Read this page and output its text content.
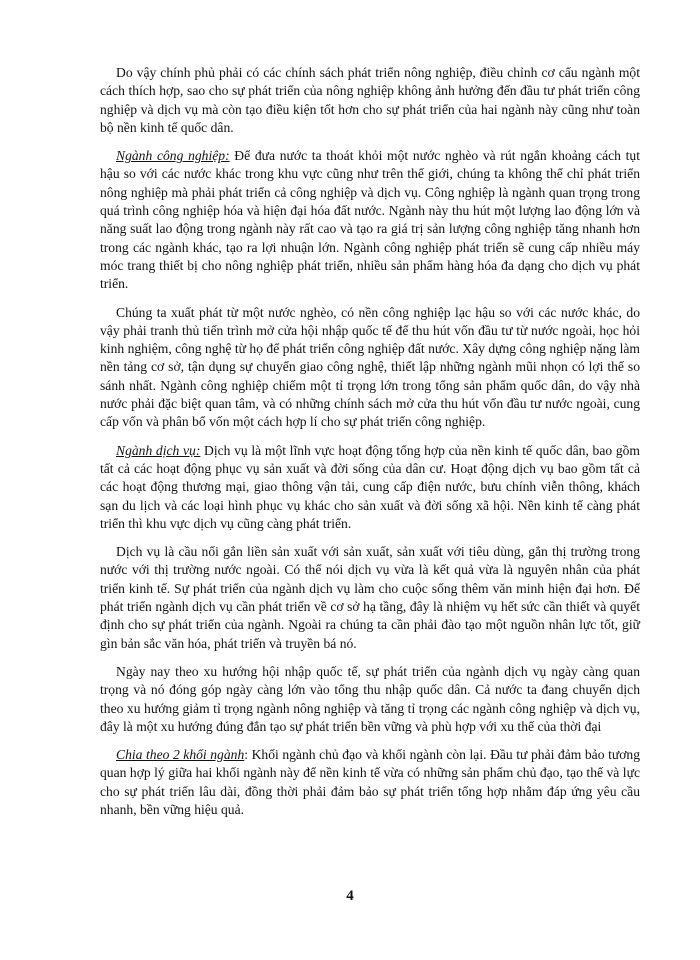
Do vậy chính phủ phải có các chính sách phát triển nông nghiệp, điều chỉnh cơ cấu ngành một cách thích hợp, sao cho sự phát triển của nông nghiệp không ảnh hưởng đến đầu tư phát triển công nghiệp và dịch vụ mà còn tạo điều kiện tốt hơn cho sự phát triển của hai ngành này cũng như toàn bộ nền kinh tế quốc dân.

Ngành công nghiệp: Để đưa nước ta thoát khỏi một nước nghèo và rút ngắn khoảng cách tụt hậu so với các nước khác trong khu vực cũng như trên thế giới, chúng ta không thể chỉ phát triển nông nghiệp mà phải phát triển cả công nghiệp và dịch vụ. Công nghiệp là ngành quan trọng trong quá trình công nghiệp hóa và hiện đại hóa đất nước. Ngành này thu hút một lượng lao động lớn và năng suất lao động trong ngành này rất cao và tạo ra giá trị sản lượng công nghiệp tăng nhanh hơn trong các ngành khác, tạo ra lợi nhuận lớn. Ngành công nghiệp phát triển sẽ cung cấp nhiều máy móc trang thiết bị cho nông nghiệp phát triển, nhiều sản phẩm hàng hóa đa dạng cho dịch vụ phát triển.

Chúng ta xuất phát từ một nước nghèo, có nền công nghiệp lạc hậu so với các nước khác, do vậy phải tranh thủ tiến trình mở cửa hội nhập quốc tế để thu hút vốn đầu tư từ nước ngoài, học hỏi kinh nghiệm, công nghệ từ họ để phát triển công nghiệp đất nước. Xây dựng công nghiệp nặng làm nền tảng cơ sở, tận dụng sự chuyển giao công nghệ, thiết lập những ngành mũi nhọn có lợi thế so sánh nhất. Ngành công nghiệp chiếm một tỉ trọng lớn trong tổng sản phẩm quốc dân, do vậy nhà nước phải đặc biệt quan tâm, và có những chính sách mở cửa thu hút vốn đầu tư nước ngoài, cung cấp vốn và phân bổ vốn một cách hợp lí cho sự phát triển công nghiệp.

Ngành dịch vụ: Dịch vụ là một lĩnh vực hoạt động tổng hợp của nền kinh tế quốc dân, bao gồm tất cả các hoạt động phục vụ sản xuất và đời sống của dân cư. Hoạt động dịch vụ bao gồm tất cả các hoạt động thương mại, giao thông vận tải, cung cấp điện nước, bưu chính viễn thông, khách sạn du lịch và các loại hình phục vụ khác cho sản xuất và đời sống xã hội. Nền kinh tế càng phát triển thì khu vực dịch vụ cũng càng phát triển.

Dịch vụ là cầu nối gắn liền sản xuất với sản xuất, sản xuất với tiêu dùng, gắn thị trường trong nước với thị trường nước ngoài. Có thể nói dịch vụ vừa là kết quả vừa là nguyên nhân của phát triển kinh tế. Sự phát triển của ngành dịch vụ làm cho cuộc sống thêm văn minh hiện đại hơn. Để phát triển ngành dịch vụ cần phát triển về cơ sở hạ tầng, đây là nhiệm vụ hết sức cần thiết và quyết định cho sự phát triển của ngành. Ngoài ra chúng ta cần phải đào tạo một nguồn nhân lực tốt, giữ gìn bản sắc văn hóa, phát triển và truyền bá nó.

Ngày nay theo xu hướng hội nhập quốc tế, sự phát triển của ngành dịch vụ ngày càng quan trọng và nó đóng góp ngày càng lớn vào tổng thu nhập quốc dân. Cả nước ta đang chuyển dịch theo xu hướng giảm tỉ trọng ngành nông nghiệp và tăng tỉ trọng các ngành công nghiệp và dịch vụ, đây là một xu hướng đúng đắn tạo sự phát triển bền vững và phù hợp với xu thế của thời đại

Chia theo 2 khối ngành: Khối ngành chủ đạo và khối ngành còn lại. Đầu tư phải đảm bảo tương quan hợp lý giữa hai khối ngành này để nền kinh tế vừa có những sản phẩm chủ đạo, tạo thế và lực cho sự phát triển lâu dài, đồng thời phải đảm bảo sự phát triển tổng hợp nhằm đáp ứng yêu cầu nhanh, bền vững hiệu quả.

4
